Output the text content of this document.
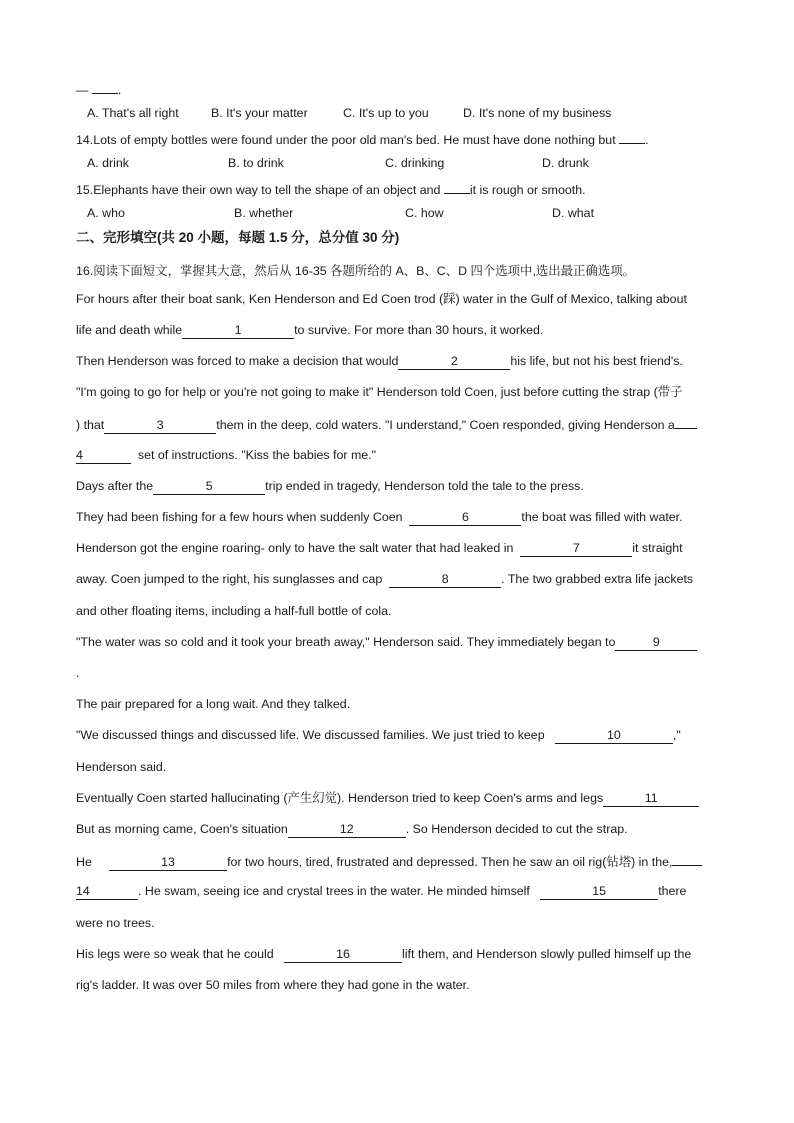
— .
A. That's all right	B. It's your matter	C. It's up to you	D. It's none of my business
14.Lots of empty bottles were found under the poor old man's bed. He must have done nothing but .
A. drink	B. to drink	C. drinking	D. drunk
15.Elephants have their own way to tell the shape of an object and it is rough or smooth.
A. who	B. whether	C. how	D. what
二、完形填空(共 20 小题，每题 1.5 分，总分值 30 分)
16.阅读下面短文，掌握其大意，然后从 16-35 各题所给的 A、B、C、D 四个选项中,选出最正确选项。
For hours after their boat sank, Ken Henderson and Ed Coen trod (踩) water in the Gulf of Mexico, talking about
life and death while	1	to survive. For more than 30 hours, it worked.
Then Henderson was forced to make a decision that would	2	his life, but not his best friend's.
"I'm going to go for help or you're not going to make it" Henderson told Coen, just before cutting the strap (带子
) that	3	them in the deep, cold waters. "I understand," Coen responded, giving Henderson a
4	set of instructions. "Kiss the babies for me."
Days after the	5	trip ended in tragedy, Henderson told the tale to the press.
They had been fishing for a few hours when suddenly Coen	6	the boat was filled with water.
Henderson got the engine roaring- only to have the salt water that had leaked in	7	it straight
away. Coen jumped to the right, his sunglasses and cap	8	. The two grabbed extra life jackets
and other floating items, including a half-full bottle of cola.
"The water was so cold and it took your breath away," Henderson said. They immediately began to	9
.
The pair prepared for a long wait. And they talked.
"We discussed things and discussed life. We discussed families. We just tried to keep	10	,"
Henderson said.
Eventually Coen started hallucinating (产生幻觉). Henderson tried to keep Coen's arms and legs	11
But as morning came, Coen's situation	12	. So Henderson decided to cut the strap.
He	13	for two hours, tired, frustrated and depressed. Then he saw an oil rig(钻塔) in the,
14	. He swam, seeing ice and crystal trees in the water. He minded himself	15	there
were no trees.
His legs were so weak that he could	16	lift them, and Henderson slowly pulled himself up the
rig's ladder. It was over 50 miles from where they had gone in the water.
